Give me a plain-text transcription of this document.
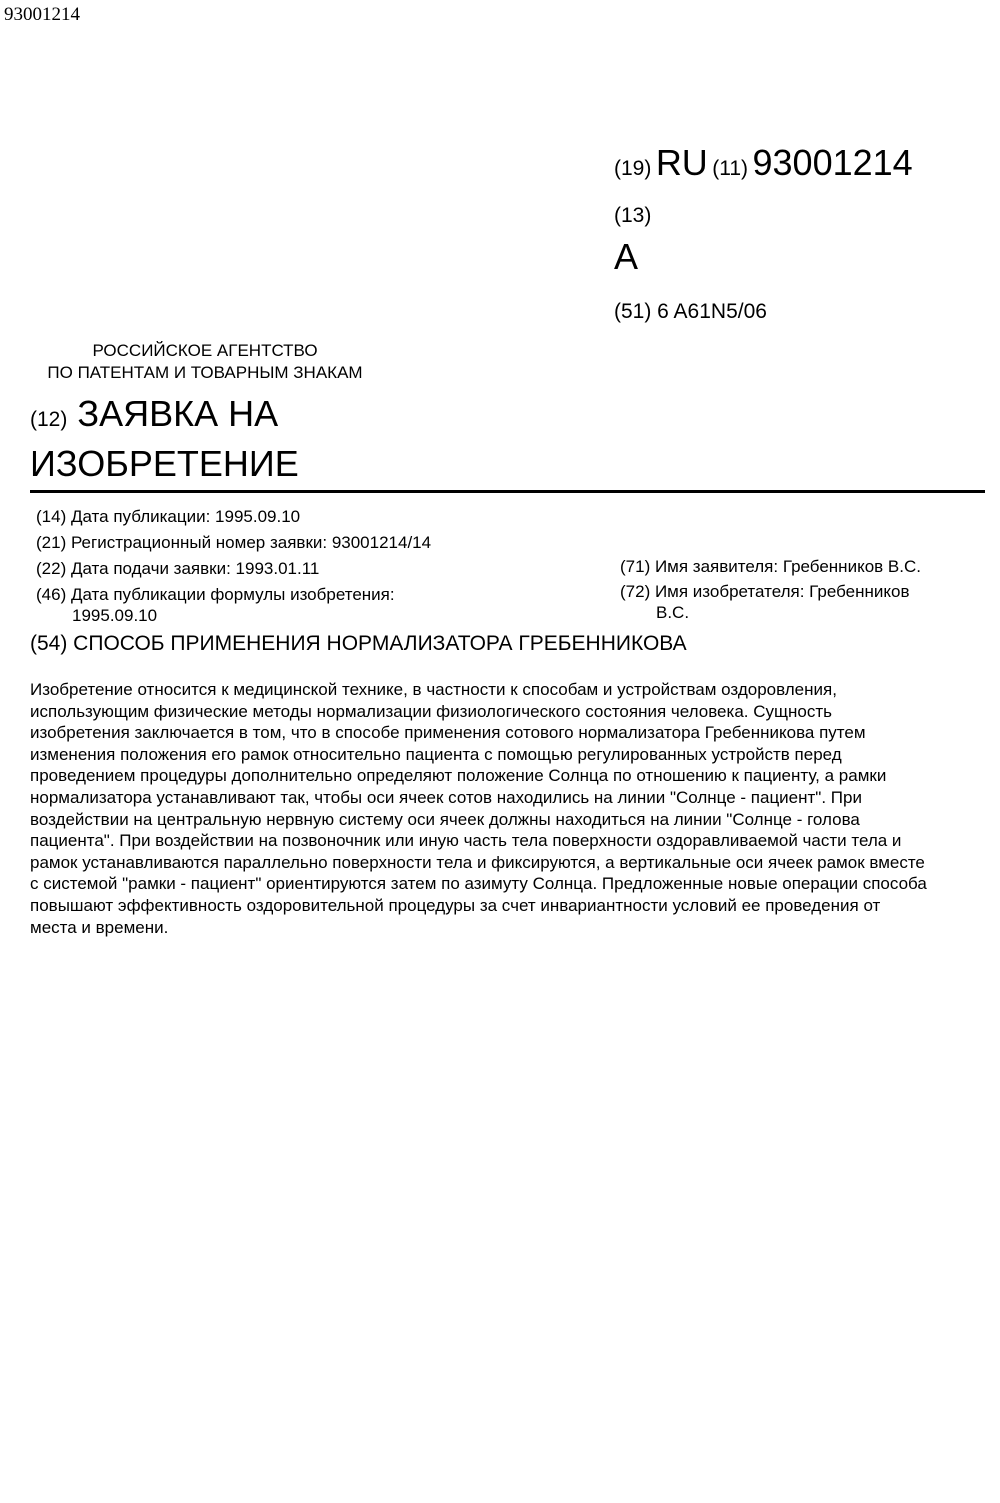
93001214
(19) RU (11) 93001214
(13)
A
(51) 6 A61N5/06
РОССИЙСКОЕ АГЕНТСТВО
ПО ПАТЕНТАМ И ТОВАРНЫМ ЗНАКАМ
(12) ЗАЯВКА НА
ИЗОБРЕТЕНИЕ
(14) Дата публикации: 1995.09.10
(21) Регистрационный номер заявки: 93001214/14
(22) Дата подачи заявки: 1993.01.11
(46) Дата публикации формулы изобретения:
1995.09.10
(71) Имя заявителя: Гребенников В.С.
(72) Имя изобретателя: Гребенников
В.С.
(54) СПОСОБ ПРИМЕНЕНИЯ НОРМАЛИЗАТОРА ГРЕБЕННИКОВА
Изобретение относится к медицинской технике, в частности к способам и устройствам оздоровления,
использующим физические методы нормализации физиологического состояния человека. Сущность
изобретения заключается в том, что в способе применения сотового нормализатора Гребенникова путем
изменения положения его рамок относительно пациента с помощью регулированных устройств перед
проведением процедуры дополнительно определяют положение Солнца по отношению к пациенту, а рамки
нормализатора устанавливают так, чтобы оси ячеек сотов находились на линии "Солнце - пациент". При
воздействии на центральную нервную систему оси ячеек должны находиться на линии "Солнце - голова
пациента". При воздействии на позвоночник или иную часть тела поверхности оздоравливаемой части тела и
рамок устанавливаются параллельно поверхности тела и фиксируются, а вертикальные оси ячеек рамок вместе
с системой "рамки - пациент" ориентируются затем по азимуту Солнца. Предложенные новые операции способа
повышают эффективность оздоровительной процедуры за счет инвариантности условий ее проведения от
места и времени.
